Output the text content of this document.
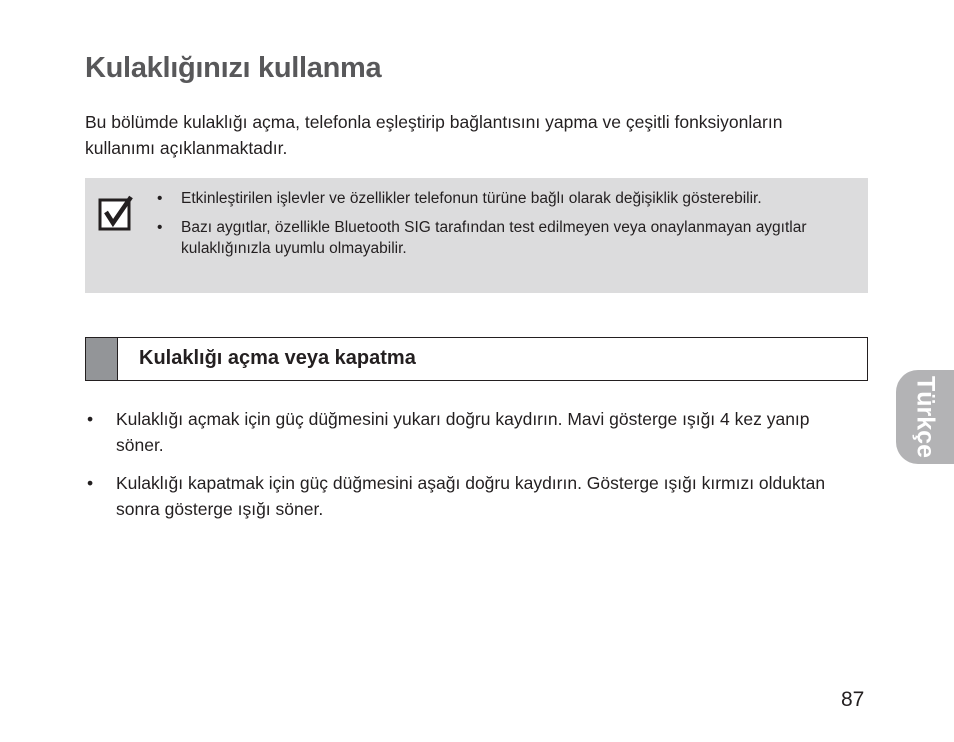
Kulaklığınızı kullanma

Bu bölümde kulaklığı açma, telefonla eşleştirip bağlantısını yapma ve çeşitli fonksiyonların kullanımı açıklanmaktadır.

• Etkinleştirilen işlevler ve özellikler telefonun türüne bağlı olarak değişiklik gösterebilir.
• Bazı aygıtlar, özellikle Bluetooth SIG tarafından test edilmeyen veya onaylanmayan aygıtlar kulaklığınızla uyumlu olmayabilir.
Kulaklığı açma veya kapatma
• Kulaklığı açmak için güç düğmesini yukarı doğru kaydırın. Mavi gösterge ışığı 4 kez yanıp söner.
• Kulaklığı kapatmak için güç düğmesini aşağı doğru kaydırın. Gösterge ışığı kırmızı olduktan sonra gösterge ışığı söner.
Türkçe
87
